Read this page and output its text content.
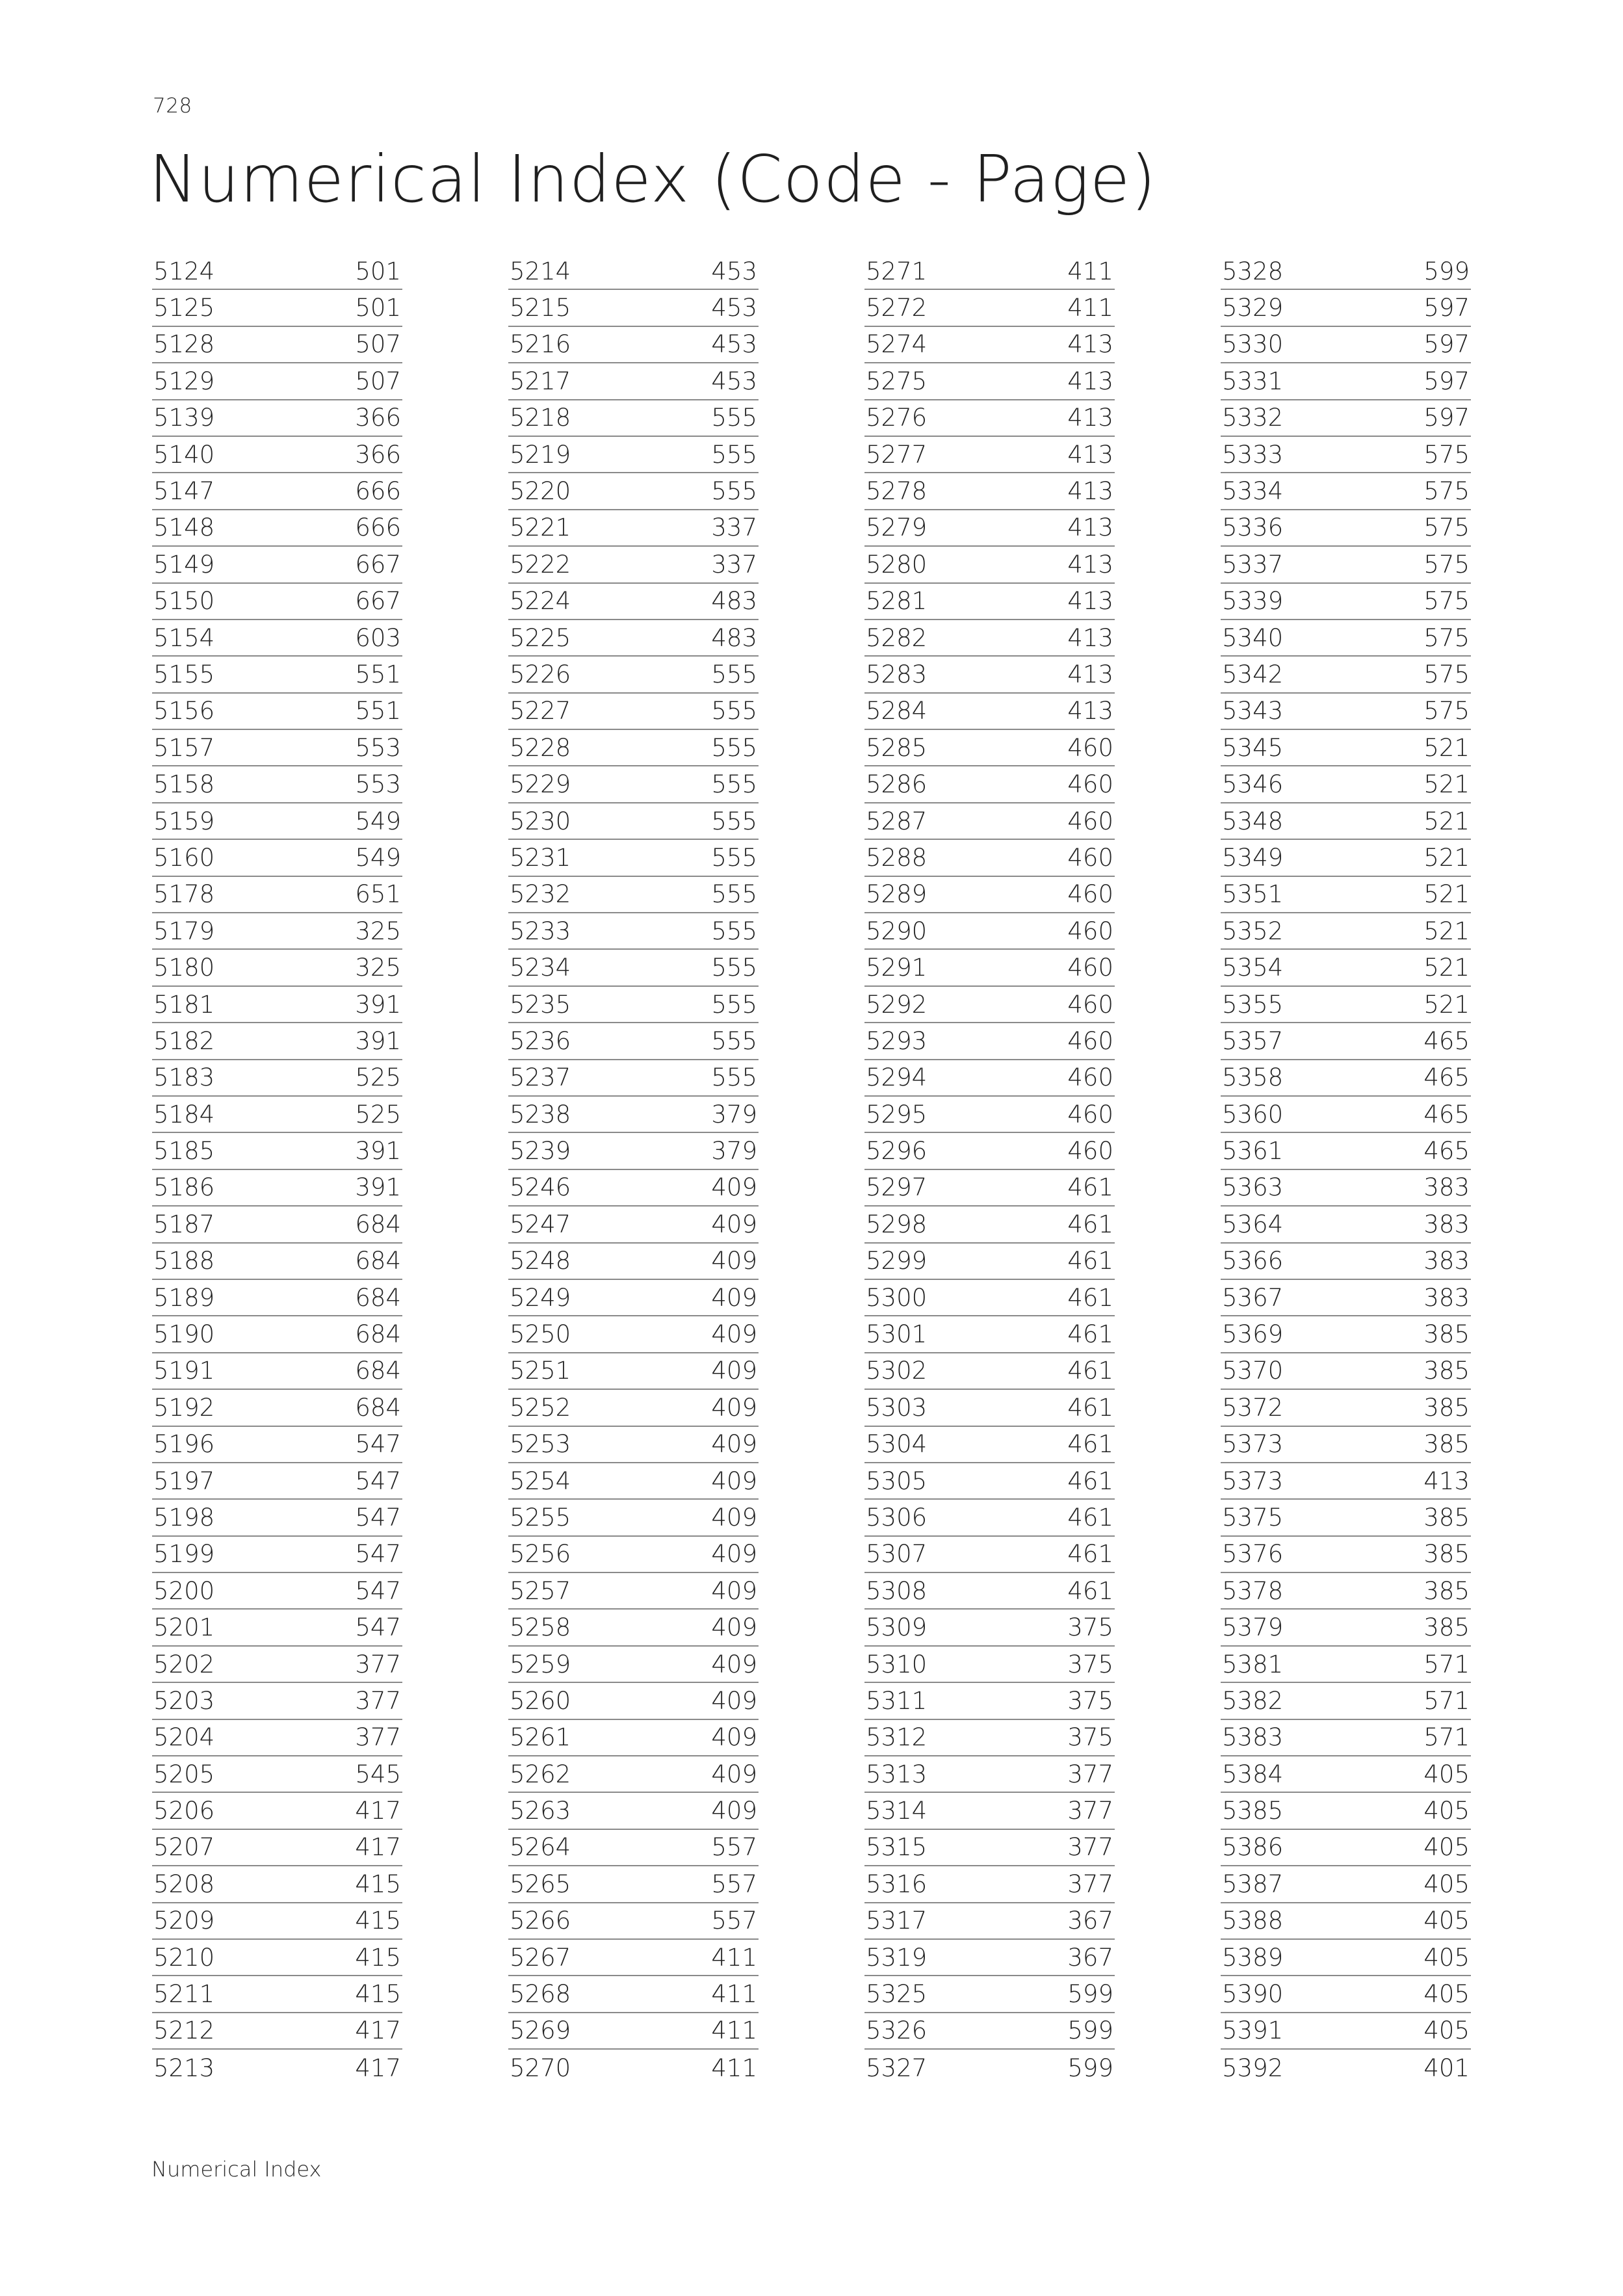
728
Numerical Index (Code - Page)
5124	501
5125	501
5128	507
5129	507
5139	366
5140	366
5147	666
5148	666
5149	667
5150	667
5154	603
5155	551
5156	551
5157	553
5158	553
5159	549
5160	549
5178	651
5179	325
5180	325
5181	391
5182	391
5183	525
5184	525
5185	391
5186	391
5187	684
5188	684
5189	684
5190	684
5191	684
5192	684
5196	547
5197	547
5198	547
5199	547
5200	547
5201	547
5202	377
5203	377
5204	377
5205	545
5206	417
5207	417
5208	415
5209	415
5210	415
5211	415
5212	417
5213	417
5214	453
5215	453
5216	453
5217	453
5218	555
5219	555
5220	555
5221	337
5222	337
5224	483
5225	483
5226	555
5227	555
5228	555
5229	555
5230	555
5231	555
5232	555
5233	555
5234	555
5235	555
5236	555
5237	555
5238	379
5239	379
5246	409
5247	409
5248	409
5249	409
5250	409
5251	409
5252	409
5253	409
5254	409
5255	409
5256	409
5257	409
5258	409
5259	409
5260	409
5261	409
5262	409
5263	409
5264	557
5265	557
5266	557
5267	411
5268	411
5269	411
5270	411
5271	411
5272	411
5274	413
5275	413
5276	413
5277	413
5278	413
5279	413
5280	413
5281	413
5282	413
5283	413
5284	413
5285	460
5286	460
5287	460
5288	460
5289	460
5290	460
5291	460
5292	460
5293	460
5294	460
5295	460
5296	460
5297	461
5298	461
5299	461
5300	461
5301	461
5302	461
5303	461
5304	461
5305	461
5306	461
5307	461
5308	461
5309	375
5310	375
5311	375
5312	375
5313	377
5314	377
5315	377
5316	377
5317	367
5319	367
5325	599
5326	599
5327	599
5328	599
5329	597
5330	597
5331	597
5332	597
5333	575
5334	575
5336	575
5337	575
5339	575
5340	575
5342	575
5343	575
5345	521
5346	521
5348	521
5349	521
5351	521
5352	521
5354	521
5355	521
5357	465
5358	465
5360	465
5361	465
5363	383
5364	383
5366	383
5367	383
5369	385
5370	385
5372	385
5373	385
5373	413
5375	385
5376	385
5378	385
5379	385
5381	571
5382	571
5383	571
5384	405
5385	405
5386	405
5387	405
5388	405
5389	405
5390	405
5391	405
5392	401
Numerical Index
